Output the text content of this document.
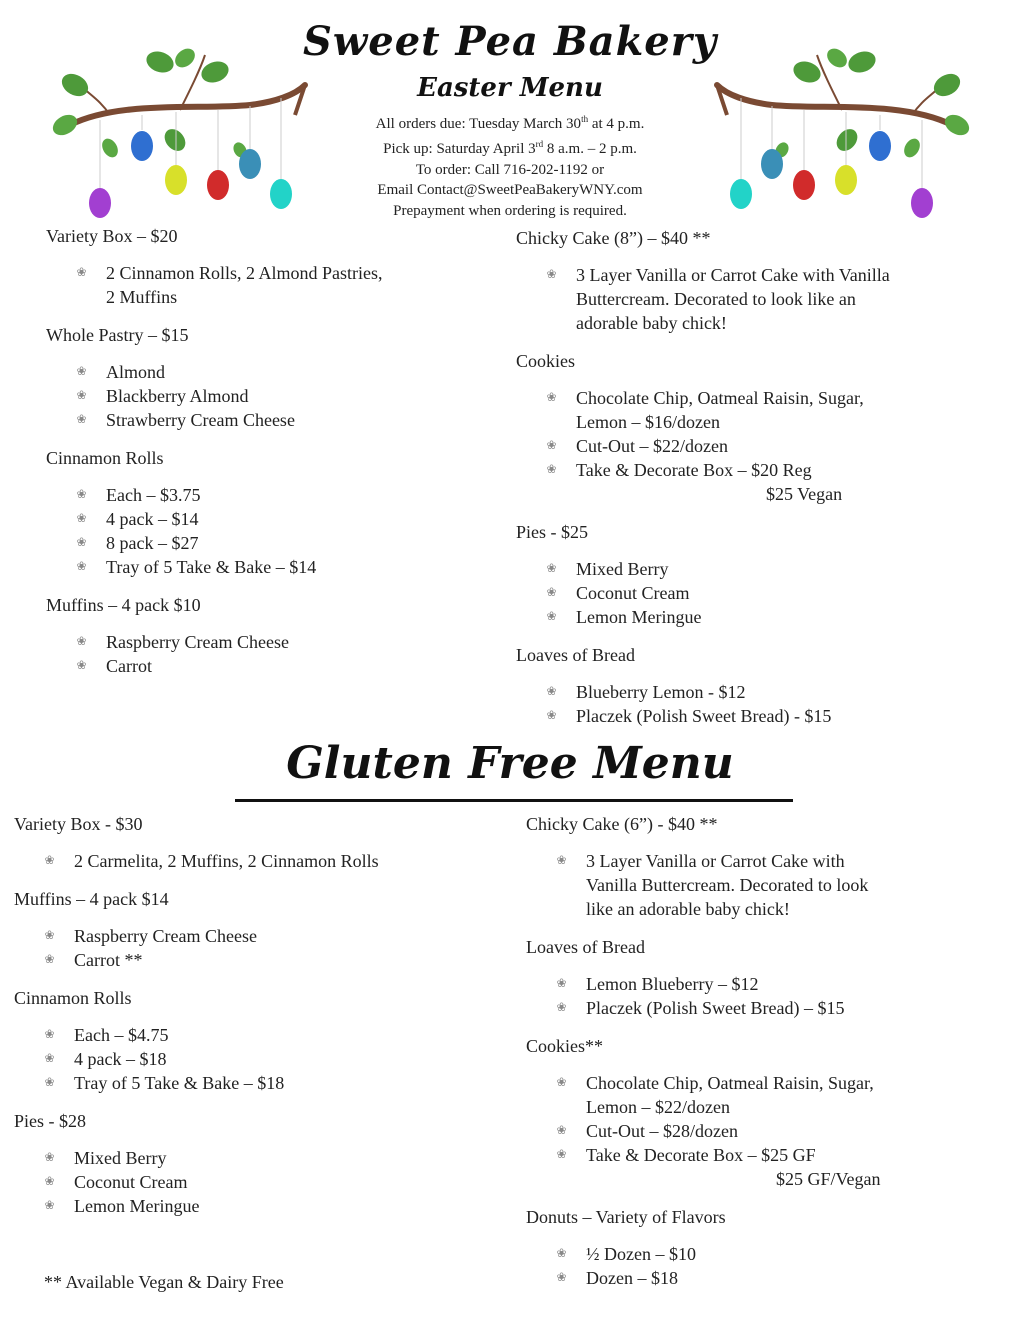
Sweet Pea Bakery
Easter Menu
All orders due: Tuesday March 30th at 4 p.m.
Pick up: Saturday April 3rd 8 a.m. – 2 p.m.
To order: Call 716-202-1192 or
Email Contact@SweetPeaBakeryWNY.com
Prepayment when ordering is required.
Variety Box – $20
❀
2 Cinnamon Rolls, 2 Almond Pastries,
2 Muffins
Whole Pastry – $15
❀
Almond
❀
Blackberry Almond
❀
Strawberry Cream Cheese
Cinnamon Rolls
❀
Each – $3.75
❀
4 pack – $14
❀
8 pack – $27
❀
Tray of 5 Take & Bake – $14
Muffins – 4 pack $10
❀
Raspberry Cream Cheese
❀
Carrot
Chicky Cake (8”) – $40 **
❀
3 Layer Vanilla or Carrot Cake with Vanilla
Buttercream. Decorated to look like an
adorable baby chick!
Cookies
❀
Chocolate Chip, Oatmeal Raisin, Sugar,
Lemon – $16/dozen
❀
Cut-Out – $22/dozen
❀
Take & Decorate Box – $20 Reg
$25 Vegan
Pies - $25
❀
Mixed Berry
❀
Coconut Cream
❀
Lemon Meringue
Loaves of Bread
❀
Blueberry Lemon - $12
❀
Placzek (Polish Sweet Bread) - $15
Gluten Free Menu
Variety Box - $30
❀
2 Carmelita, 2 Muffins, 2 Cinnamon Rolls
Muffins – 4 pack $14
❀
Raspberry Cream Cheese
❀
Carrot **
Cinnamon Rolls
❀
Each – $4.75
❀
4 pack – $18
❀
Tray of 5 Take & Bake – $18
Pies - $28
❀
Mixed Berry
❀
Coconut Cream
❀
Lemon Meringue
Chicky Cake (6”) - $40 **
❀
3 Layer Vanilla or Carrot Cake with
Vanilla Buttercream. Decorated to look
like an adorable baby chick!
Loaves of Bread
❀
Lemon Blueberry – $12
❀
Placzek (Polish Sweet Bread) – $15
Cookies**
❀
Chocolate Chip, Oatmeal Raisin, Sugar,
Lemon – $22/dozen
❀
Cut-Out – $28/dozen
❀
Take & Decorate Box – $25 GF
$25 GF/Vegan
Donuts – Variety of Flavors
❀
½ Dozen – $10
❀
Dozen – $18
** Available Vegan & Dairy Free
